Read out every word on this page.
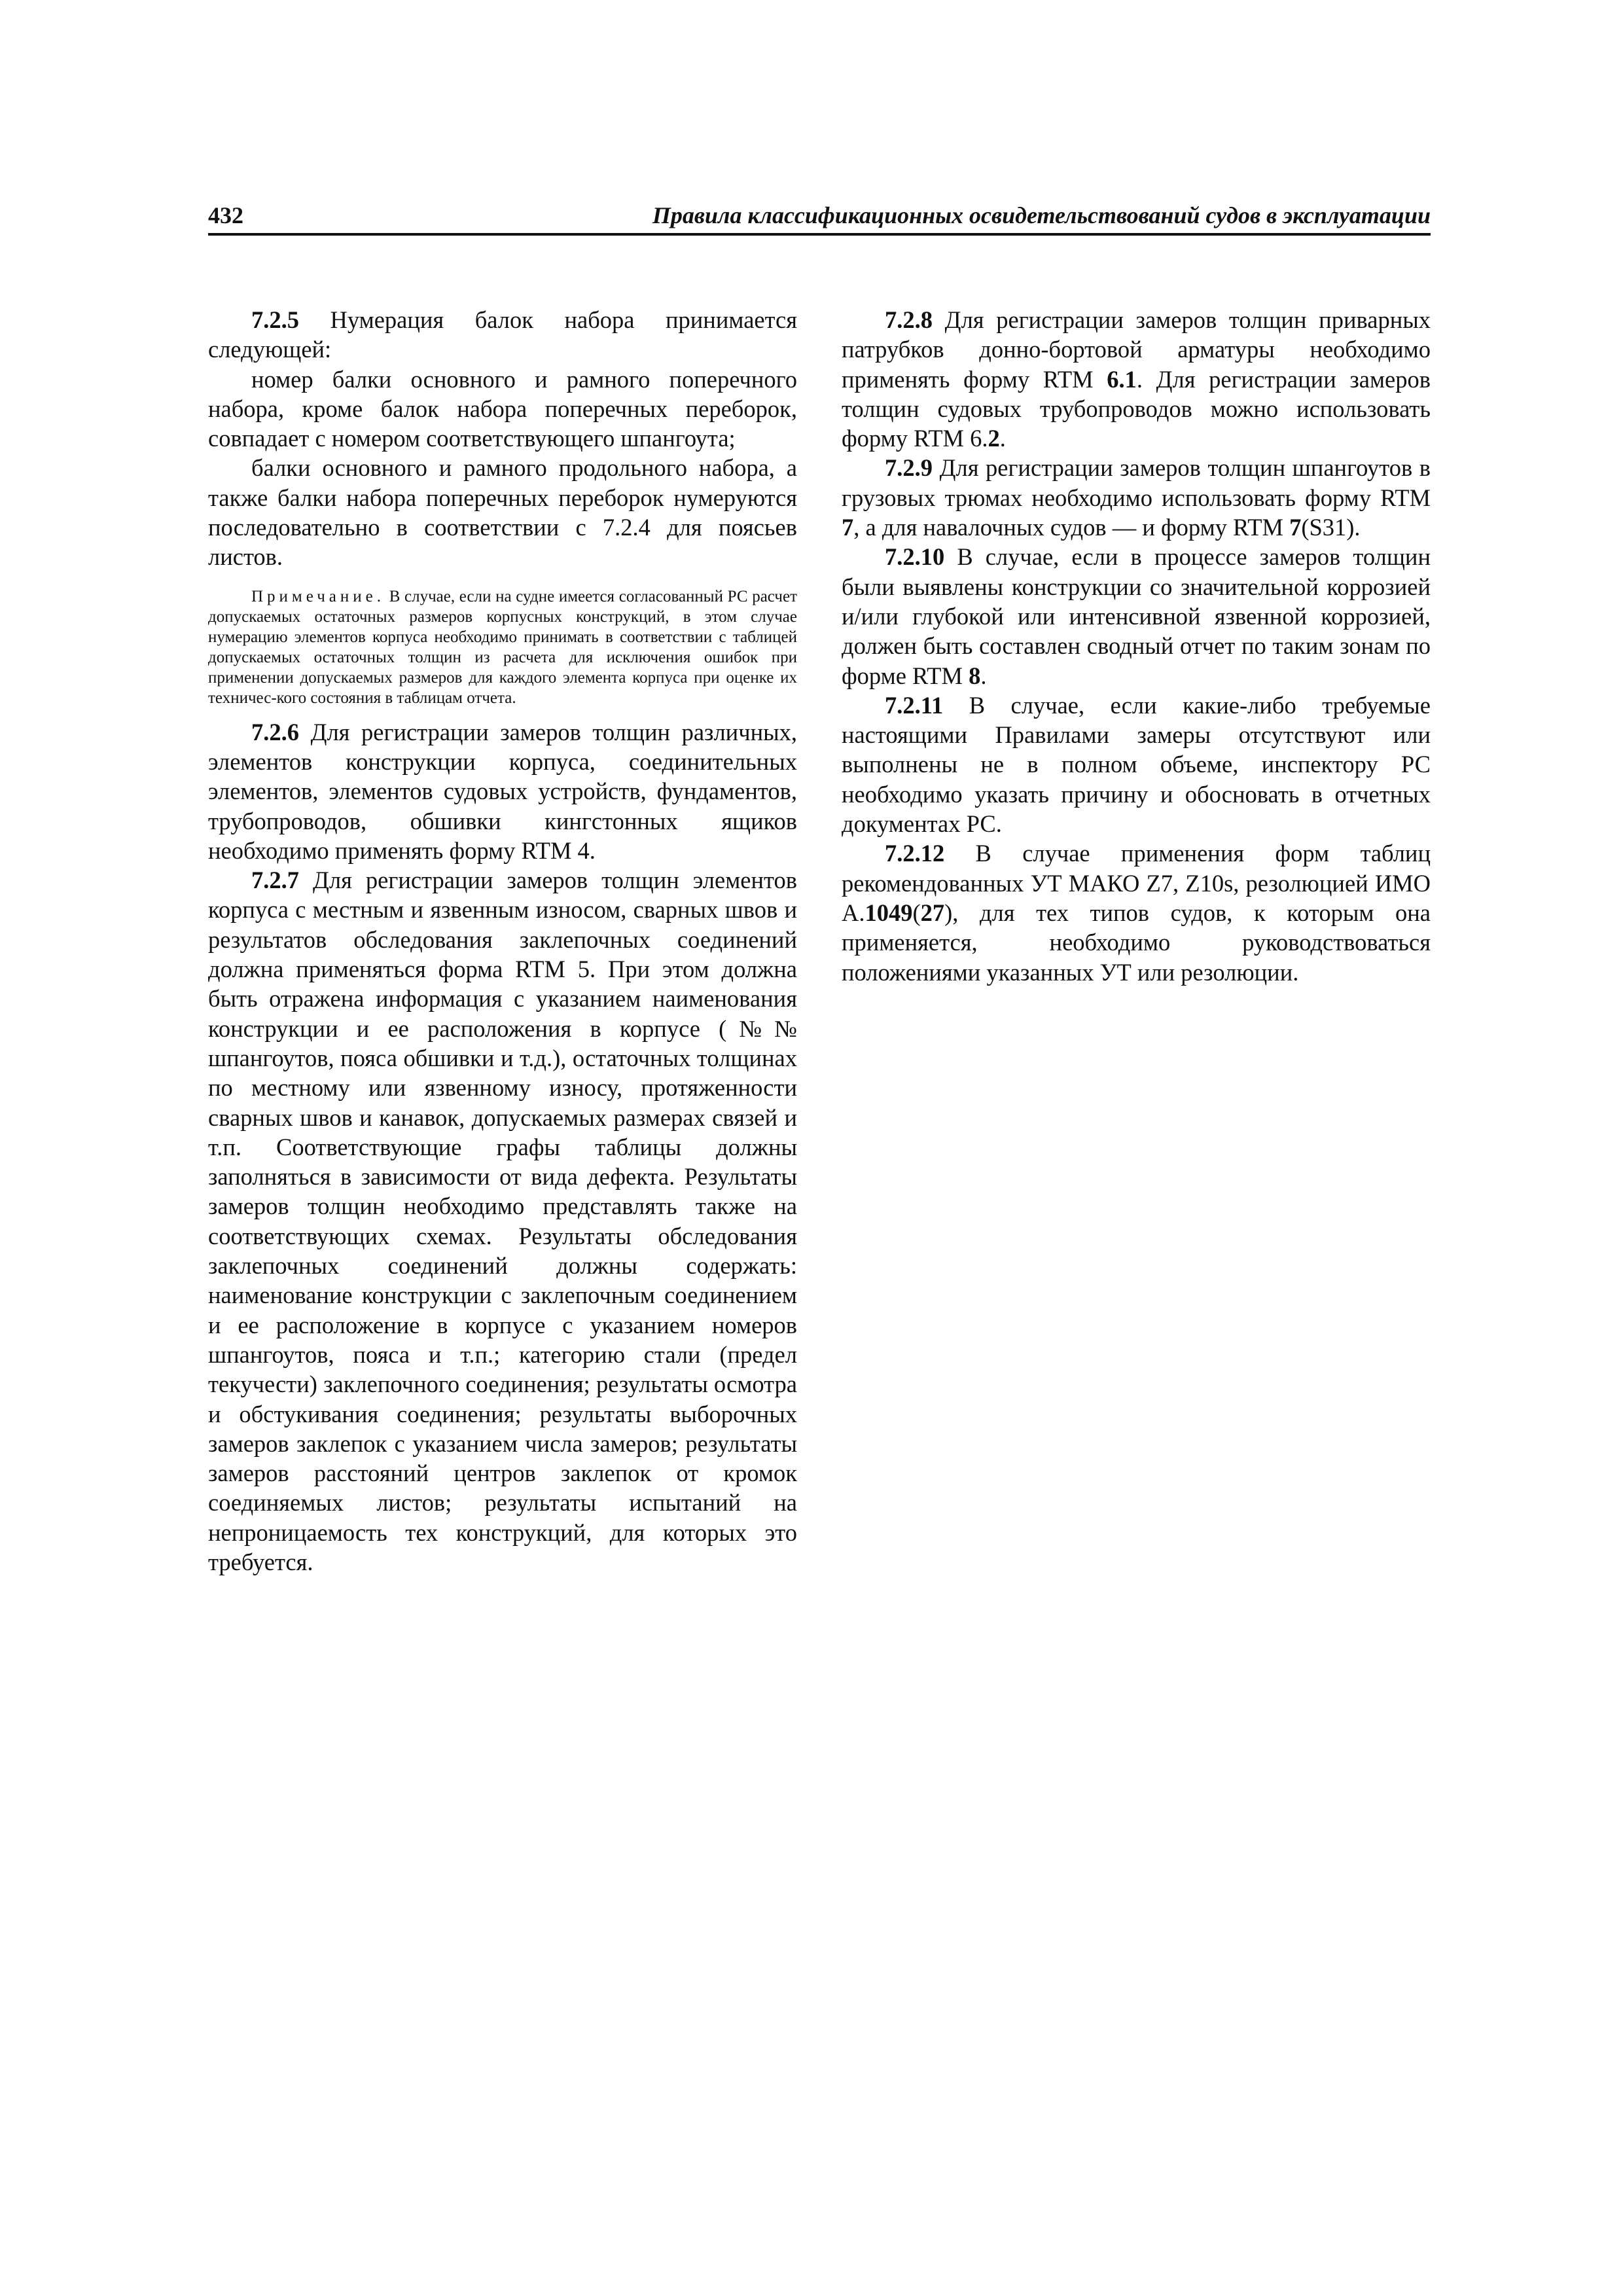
432	Правила классификационных освидетельствований судов в эксплуатации

7.2.5 Нумерация балок набора принимается следующей:

номер балки основного и рамного поперечного набора, кроме балок набора поперечных переборок, совпадает с номером соответствующего шпангоута;

балки основного и рамного продольного набора, а также балки набора поперечных переборок нумеруются последовательно в соответствии с 7.2.4 для поясьев листов.

Примечание. В случае, если на судне имеется согласованный РС расчет допускаемых остаточных размеров корпусных конструкций, в этом случае нумерацию элементов корпуса необходимо принимать в соответствии с таблицей допускаемых остаточных толщин из расчета для исключения ошибок при применении допускаемых размеров для каждого элемента корпуса при оценке их техничес-кого состояния в таблицам отчета.

7.2.6 Для регистрации замеров толщин различных, элементов конструкции корпуса, соединительных элементов, элементов судовых устройств, фундаментов, трубопроводов, обшивки кингстонных ящиков необходимо применять форму RTM 4.

7.2.7 Для регистрации замеров толщин элементов корпуса с местным и язвенным износом, сварных швов и результатов обследования заклепочных соединений должна применяться форма RTM 5. При этом должна быть отражена информация с указанием наименования конструкции и ее расположения в корпусе (№№ шпангоутов, пояса обшивки и т.д.), остаточных толщинах по местному или язвенному износу, протяженности сварных швов и канавок, допускаемых размерах связей и т.п. Соответствующие графы таблицы должны заполняться в зависимости от вида дефекта. Результаты замеров толщин необходимо представлять также на соответствующих схемах. Результаты обследования заклепочных соединений должны содержать: наименование конструкции с заклепочным соединением и ее расположение в корпусе с указанием номеров шпангоутов, пояса и т.п.; категорию стали (предел текучести) заклепочного соединения; результаты осмотра и обстукивания соединения; результаты выборочных замеров заклепок с указанием числа замеров; результаты замеров расстояний центров заклепок от кромок соединяемых листов; результаты испытаний на непроницаемость тех конструкций, для которых это требуется.

7.2.8 Для регистрации замеров толщин приварных патрубков донно-бортовой арматуры необходимо применять форму RTM 6.1. Для регистрации замеров толщин судовых трубопроводов можно использовать форму RTM 6.2.

7.2.9 Для регистрации замеров толщин шпангоутов в грузовых трюмах необходимо использовать форму RTM 7, а для навалочных судов — и форму RTM 7(S31).

7.2.10 В случае, если в процессе замеров толщин были выявлены конструкции со значительной коррозией и/или глубокой или интенсивной язвенной коррозией, должен быть составлен сводный отчет по таким зонам по форме RTM 8.

7.2.11 В случае, если какие-либо требуемые настоящими Правилами замеры отсутствуют или выполнены не в полном объеме, инспектору РС необходимо указать причину и обосновать в отчетных документах РС.

7.2.12 В случае применения форм таблиц рекомендованных УТ МАКО Z7, Z10s, резолюцией ИМО A.1049(27), для тех типов судов, к которым она применяется, необходимо руководствоваться положениями указанных УТ или резолюции.
